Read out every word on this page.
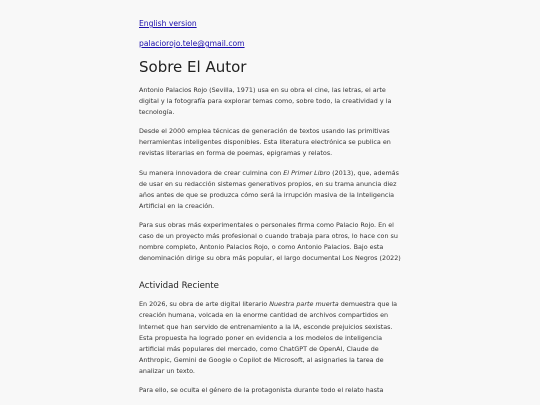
English version
palaciorojo.tele@gmail.com
Sobre El Autor

Antonio Palacios Rojo (Sevilla, 1971) usa en su obra el cine, las letras, el arte digital y la fotografía para explorar temas como, sobre todo, la creatividad y la tecnología.

Desde el 2000 emplea técnicas de generación de textos usando las primitivas herramientas inteligentes disponibles. Esta literatura electrónica se publica en revistas literarias en forma de poemas, epigramas y relatos.

Su manera innovadora de crear culmina con El Primer Libro (2013), que, además de usar en su redacción sistemas generativos propios, en su trama anuncia diez años antes de que se produzca cómo será la irrupción masiva de la Inteligencia Artificial en la creación.

Para sus obras más experimentales o personales firma como Palacio Rojo. En el caso de un proyecto más profesional o cuando trabaja para otros, lo hace con su nombre completo, Antonio Palacios Rojo, o como Antonio Palacios. Bajo esta denominación dirige su obra más popular, el largo documental Los Negros (2022)

Actividad Reciente

En 2026, su obra de arte digital literario Nuestra parte muerta demuestra que la creación humana, volcada en la enorme cantidad de archivos compartidos en Internet que han servido de entrenamiento a la IA, esconde prejuicios sexistas. Esta propuesta ha logrado poner en evidencia a los modelos de inteligencia artificial más populares del mercado, como ChatGPT de OpenAI, Claude de Anthropic, Gemini de Google o Copilot de Microsoft, al asignarles la tarea de analizar un texto.

Para ello, se oculta el género de la protagonista durante todo el relato hasta
